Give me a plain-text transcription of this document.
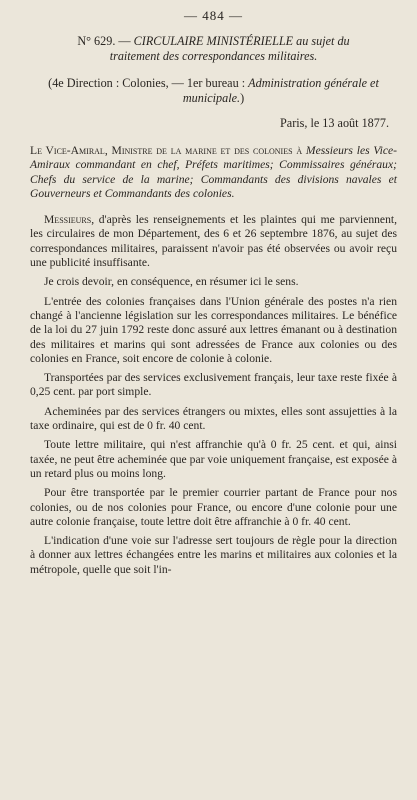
— 484 —

N° 629. — CIRCULAIRE MINISTÉRIELLE au sujet du
traitement des correspondances militaires.

(4e Direction : Colonies, — 1er bureau : Administration générale et municipale.)

Paris, le 13 août 1877.

Le Vice-Amiral, Ministre de la marine et des colonies à Messieurs les Vice-Amiraux commandant en chef, Préfets maritimes; Commissaires généraux; Chefs du service de la marine; Commandants des divisions navales et Gouverneurs et Commandants des colonies.

Messieurs, d'après les renseignements et les plaintes qui me parviennent, les circulaires de mon Département, des 6 et 26 septembre 1876, au sujet des correspondances militaires, paraissent n'avoir pas été observées ou avoir reçu une publicité insuffisante.

Je crois devoir, en conséquence, en résumer ici le sens.

L'entrée des colonies françaises dans l'Union générale des postes n'a rien changé à l'ancienne législation sur les correspondances militaires. Le bénéfice de la loi du 27 juin 1792 reste donc assuré aux lettres émanant ou à destination des militaires et marins qui sont adressées de France aux colonies ou des colonies en France, soit encore de colonie à colonie.

Transportées par des services exclusivement français, leur taxe reste fixée à 0,25 cent. par port simple.

Acheminées par des services étrangers ou mixtes, elles sont assujetties à la taxe ordinaire, qui est de 0 fr. 40 cent.

Toute lettre militaire, qui n'est affranchie qu'à 0 fr. 25 cent. et qui, ainsi taxée, ne peut être acheminée que par voie uniquement française, est exposée à un retard plus ou moins long.

Pour être transportée par le premier courrier partant de France pour nos colonies, ou de nos colonies pour France, ou encore d'une colonie pour une autre colonie française, toute lettre doit être affranchie à 0 fr. 40 cent.

L'indication d'une voie sur l'adresse sert toujours de règle pour la direction à donner aux lettres échangées entre les marins et militaires aux colonies et la métropole, quelle que soit l'in-
